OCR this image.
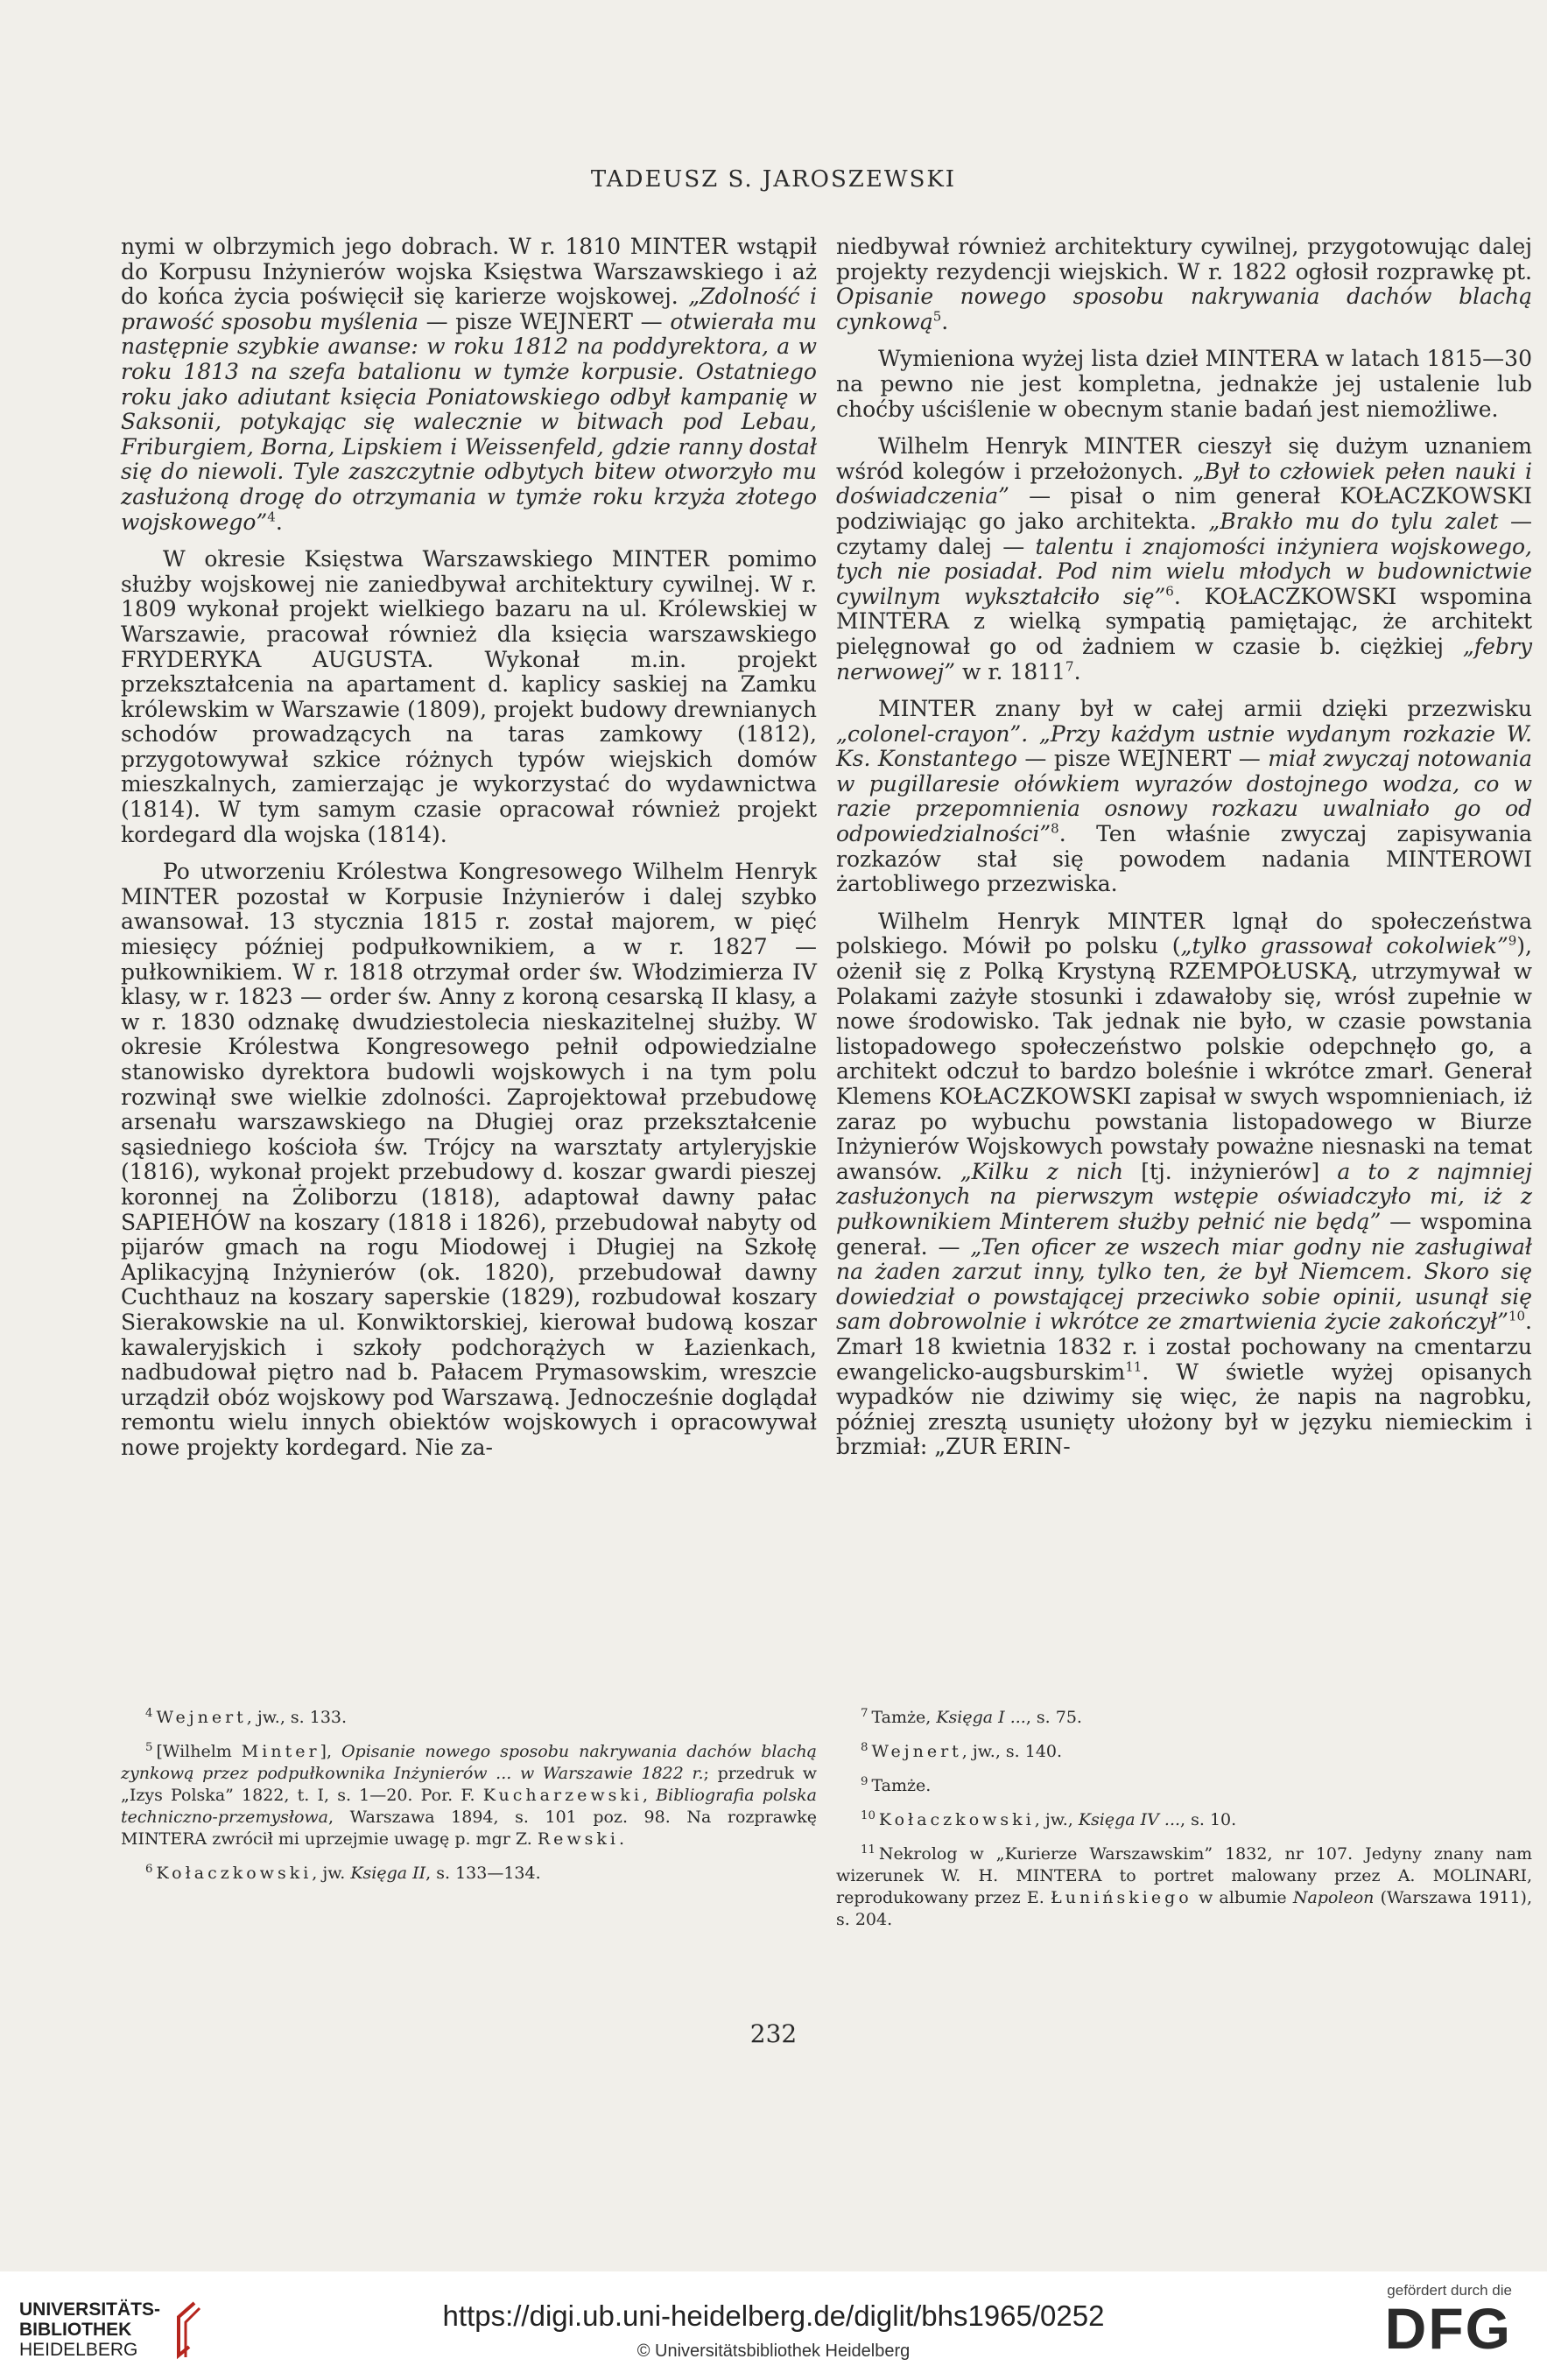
TADEUSZ S. JAROSZEWSKI

nymi w olbrzymich jego dobrach. W r. 1810 MINTER wstąpił do Korpusu Inżynierów wojska Księstwa Warszawskiego i aż do końca życia poświęcił się karierze wojskowej. „Zdolność i prawość sposobu myślenia — pisze WEJNERT — otwierała mu następnie szybkie awanse: w roku 1812 na poddyrektora, a w roku 1813 na szefa batalionu w tymże korpusie. Ostatniego roku jako adiutant księcia Poniatowskiego odbył kampanię w Saksonii, potykając się walecznie w bitwach pod Lebau, Friburgiem, Borna, Lipskiem i Weissenfeld, gdzie ranny dostał się do niewoli. Tyle zaszczytnie odbytych bitew otworzyło mu zasłużoną drogę do otrzymania w tymże roku krzyża złotego wojskowego”$^4$.

W okresie Księstwa Warszawskiego MINTER pomimo służby wojskowej nie zaniedbywał architektury cywilnej. W r. 1809 wykonał projekt wielkiego bazaru na ul. Królewskiej w Warszawie, pracował również dla księcia warszawskiego FRYDERYKA AUGUSTA. Wykonał m.in. projekt przekształcenia na apartament d. kaplicy saskiej na Zamku królewskim w Warszawie (1809), projekt budowy drewnianych schodów prowadzących na taras zamkowy (1812), przygotowywał szkice różnych typów wiejskich domów mieszkalnych, zamierzając je wykorzystać do wydawnictwa (1814). W tym samym czasie opracował również projekt kordegard dla wojska (1814).

Po utworzeniu Królestwa Kongresowego Wilhelm Henryk MINTER pozostał w Korpusie Inżynierów i dalej szybko awansował. 13 stycznia 1815 r. został majorem, w pięć miesięcy później podpułkownikiem, a w r. 1827 — pułkownikiem. W r. 1818 otrzymał order św. Włodzimierza IV klasy, w r. 1823 — order św. Anny z koroną cesarską II klasy, a w r. 1830 odznakę dwudziestolecia nieskazitelnej służby. W okresie Królestwa Kongresowego pełnił odpowiedzialne stanowisko dyrektora budowli wojskowych i na tym polu rozwinął swe wielkie zdolności. Zaprojektował przebudowę arsenału warszawskiego na Długiej oraz przekształcenie sąsiedniego kościoła św. Trójcy na warsztaty artyleryjskie (1816), wykonał projekt przebudowy d. koszar gwardi pieszej koronnej na Żoliborzu (1818), adaptował dawny pałac SAPIEHÓW na koszary (1818 i 1826), przebudował nabyty od pijarów gmach na rogu Miodowej i Długiej na Szkołę Aplikacyjną Inżynierów (ok. 1820), przebudował dawny Cuchthauz na koszary saperskie (1829), rozbudował koszary Sierakowskie na ul. Konwiktorskiej, kierował budową koszar kawaleryjskich i szkoły podchorążych w Łazienkach, nadbudował piętro nad b. Pałacem Prymasowskim, wreszcie urządził obóz wojskowy pod Warszawą. Jednocześnie doglądał remontu wielu innych obiektów wojskowych i opracowywał nowe projekty kordegard. Nie za-

niedbywał również architektury cywilnej, przygotowując dalej projekty rezydencji wiejskich. W r. 1822 ogłosił rozprawkę pt. Opisanie nowego sposobu nakrywania dachów blachą cynkową$^5$.

Wymieniona wyżej lista dzieł MINTERA w latach 1815—30 na pewno nie jest kompletna, jednakże jej ustalenie lub choćby uściślenie w obecnym stanie badań jest niemożliwe.

Wilhelm Henryk MINTER cieszył się dużym uznaniem wśród kolegów i przełożonych. „Był to człowiek pełen nauki i doświadczenia” — pisał o nim generał KOŁACZKOWSKI podziwiając go jako architekta. „Brakło mu do tylu zalet — czytamy dalej — talentu i znajomości inżyniera wojskowego, tych nie posiadał. Pod nim wielu młodych w budownictwie cywilnym wykształciło się”$^6$. KOŁACZKOWSKI wspomina MINTERA z wielką sympatią pamiętając, że architekt pielęgnował go od żadniem w czasie b. ciężkiej „febry nerwowej” w r. 1811$^7$.

MINTER znany był w całej armii dzięki przezwisku „colonel-crayon”. „Przy każdym ustnie wydanym rozkazie W. Ks. Konstantego — pisze WEJNERT — miał zwyczaj notowania w pugillaresie ołówkiem wyrazów dostojnego wodza, co w razie przepomnienia osnowy rozkazu uwalniało go od odpowiedzialności”$^8$. Ten właśnie zwyczaj zapisywania rozkazów stał się powodem nadania MINTEROWI żartobliwego przezwiska.

Wilhelm Henryk MINTER lgnął do społeczeństwa polskiego. Mówił po polsku („tylko grassował cokolwiek”$^9$), ożenił się z Polką Krystyną RZEMPOŁUSKĄ, utrzymywał w Polakami zażyłe stosunki i zdawałoby się, wrósł zupełnie w nowe środowisko. Tak jednak nie było, w czasie powstania listopadowego społeczeństwo polskie odepchnęło go, a architekt odczuł to bardzo boleśnie i wkrótce zmarł. Generał Klemens KOŁACZKOWSKI zapisał w swych wspomnieniach, iż zaraz po wybuchu powstania listopadowego w Biurze Inżynierów Wojskowych powstały poważne niesnaski na temat awansów. „Kilku z nich [tj. inżynierów] a to z najmniej zasłużonych na pierwszym wstępie oświadczyło mi, iż z pułkownikiem Minterem służby pełnić nie będą” — wspomina generał. — „Ten oficer ze wszech miar godny nie zasługiwał na żaden zarzut inny, tylko ten, że był Niemcem. Skoro się dowiedział o powstającej przeciwko sobie opinii, usunął się sam dobrowolnie i wkrótce ze zmartwienia życie zakończył”$^{10}$. Zmarł 18 kwietnia 1832 r. i został pochowany na cmentarzu ewangelicko-augsburskim$^{11}$. W świetle wyżej opisanych wypadków nie dziwimy się więc, że napis na nagrobku, później zresztą usunięty ułożony był w języku niemieckim i brzmiał: „ZUR ERIN-

$^4$ Wejnert, jw., s. 133.

$^5$ [Wilhelm Minter], Opisanie nowego sposobu nakrywania dachów blachą zynkową przez podpułkownika Inżynierów ... w Warszawie 1822 r.; przedruk w „Izys Polska” 1822, t. I, s. 1—20. Por. F. Kucharzewski, Bibliografia polska techniczno-przemysłowa, Warszawa 1894, s. 101 poz. 98. Na rozprawkę MINTERA zwrócił mi uprzejmie uwagę p. mgr Z. Rewski.

$^6$ Kołaczkowski, jw. Księga II, s. 133—134.

$^7$ Tamże, Księga I ..., s. 75.

$^8$ Wejnert, jw., s. 140.

$^9$ Tamże.

$^{10}$ Kołaczkowski, jw., Księga IV ..., s. 10.

$^{11}$ Nekrolog w „Kurierze Warszawskim” 1832, nr 107. Jedyny znany nam wizerunek W. H. MINTERA to portret malowany przez A. MOLINARI, reprodukowany przez E. Łunińskiego w albumie Napoleon (Warszawa 1911), s. 204.

232
UNIVERSITÄTS-
BIBLIOTHEK
HEIDELBERG
https://digi.ub.uni-heidelberg.de/diglit/bhs1965/0252
© Universitätsbibliothek Heidelberg
gefördert durch die
DFG
